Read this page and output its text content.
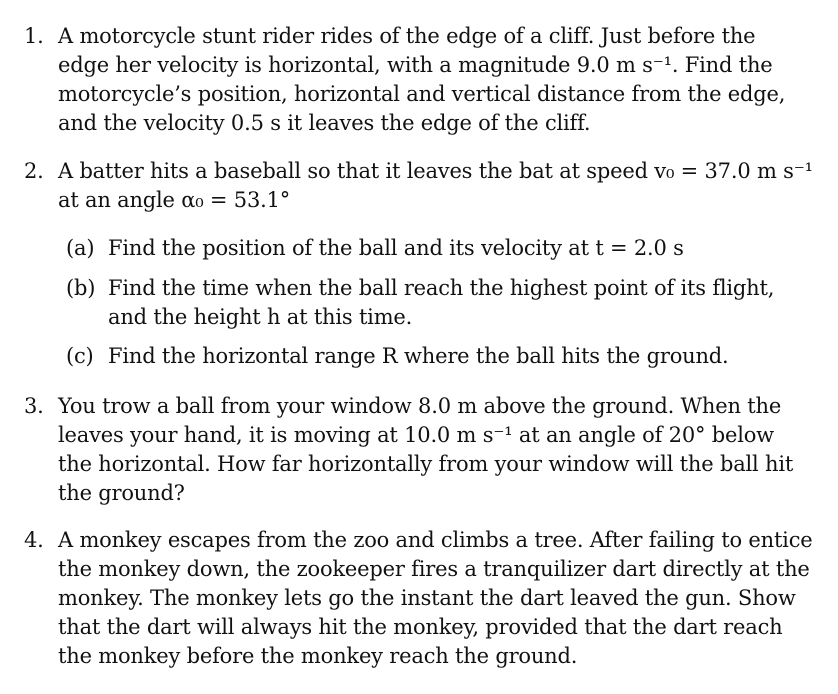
1. A motorcycle stunt rider rides of the edge of a cliff. Just before the
edge her velocity is horizontal, with a magnitude 9.0 m s⁻¹. Find the
motorcycle’s position, horizontal and vertical distance from the edge,
and the velocity 0.5 s it leaves the edge of the cliff.
2. A batter hits a baseball so that it leaves the bat at speed v₀ = 37.0 m s⁻¹
at an angle α₀ = 53.1°
(a) Find the position of the ball and its velocity at t = 2.0 s
(b) Find the time when the ball reach the highest point of its flight,
and the height h at this time.
(c) Find the horizontal range R where the ball hits the ground.
3. You trow a ball from your window 8.0 m above the ground. When the
leaves your hand, it is moving at 10.0 m s⁻¹ at an angle of 20° below
the horizontal. How far horizontally from your window will the ball hit
the ground?
4. A monkey escapes from the zoo and climbs a tree. After failing to entice
the monkey down, the zookeeper fires a tranquilizer dart directly at the
monkey. The monkey lets go the instant the dart leaved the gun. Show
that the dart will always hit the monkey, provided that the dart reach
the monkey before the monkey reach the ground.
